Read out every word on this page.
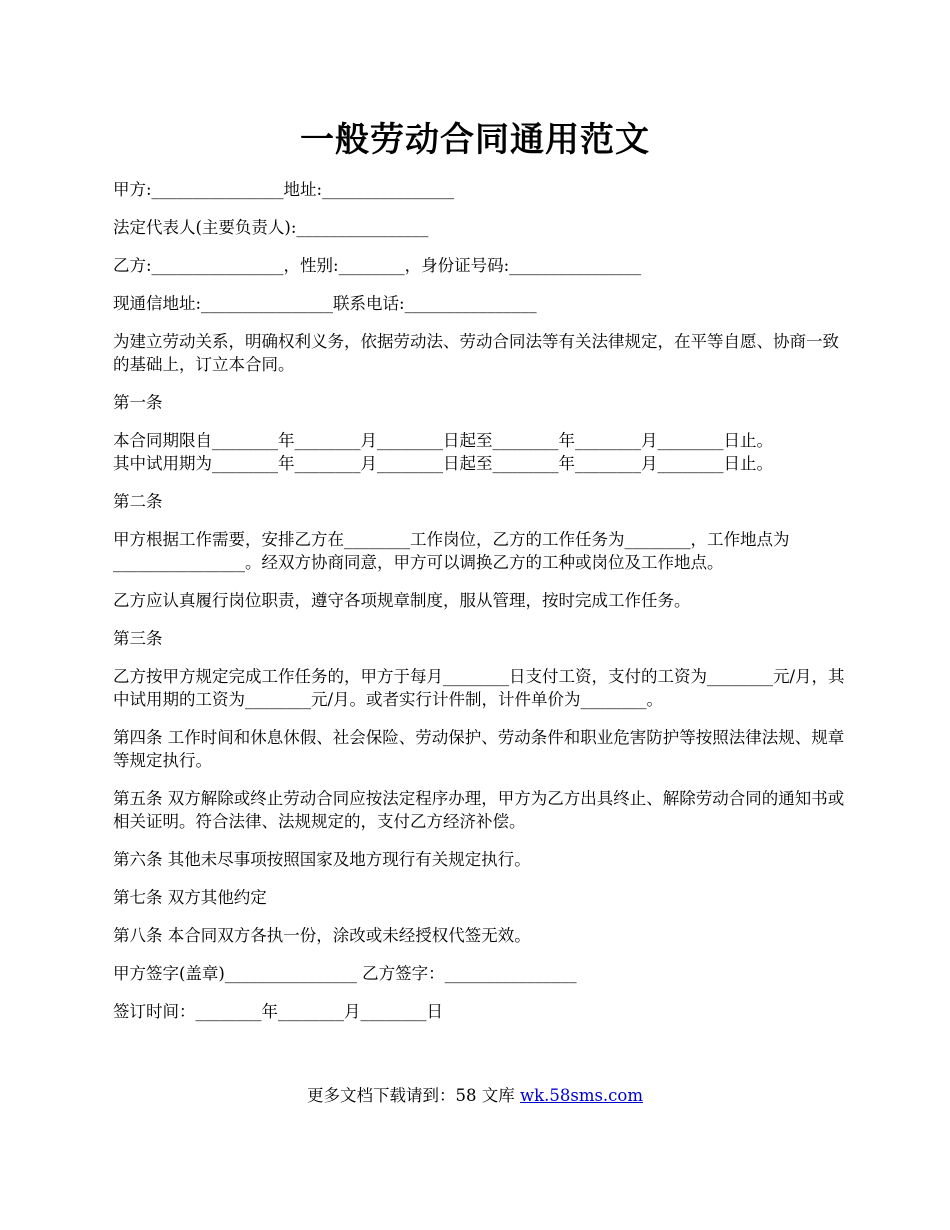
一般劳动合同通用范文

甲方:________________地址:________________

法定代表人(主要负责人):________________

乙方:________________，性别:________，身份证号码:________________

现通信地址:________________联系电话:________________

为建立劳动关系，明确权利义务，依据劳动法、劳动合同法等有关法律规定，在平等自愿、协商一致的基础上，订立本合同。

第一条

本合同期限自________年________月________日起至________年________月________日止。
其中试用期为________年________月________日起至________年________月________日止。

第二条

甲方根据工作需要，安排乙方在________工作岗位，乙方的工作任务为________，工作地点为________________。经双方协商同意，甲方可以调换乙方的工种或岗位及工作地点。

乙方应认真履行岗位职责，遵守各项规章制度，服从管理，按时完成工作任务。

第三条

乙方按甲方规定完成工作任务的，甲方于每月________日支付工资，支付的工资为________元/月，其中试用期的工资为________元/月。或者实行计件制，计件单价为________。

第四条 工作时间和休息休假、社会保险、劳动保护、劳动条件和职业危害防护等按照法律法规、规章等规定执行。

第五条 双方解除或终止劳动合同应按法定程序办理，甲方为乙方出具终止、解除劳动合同的通知书或相关证明。符合法律、法规规定的，支付乙方经济补偿。

第六条 其他未尽事项按照国家及地方现行有关规定执行。

第七条 双方其他约定

第八条 本合同双方各执一份，涂改或未经授权代签无效。

甲方签字(盖章)________________ 乙方签字：________________

签订时间：________年________月________日

更多文档下载请到：58 文库 wk.58sms.com
